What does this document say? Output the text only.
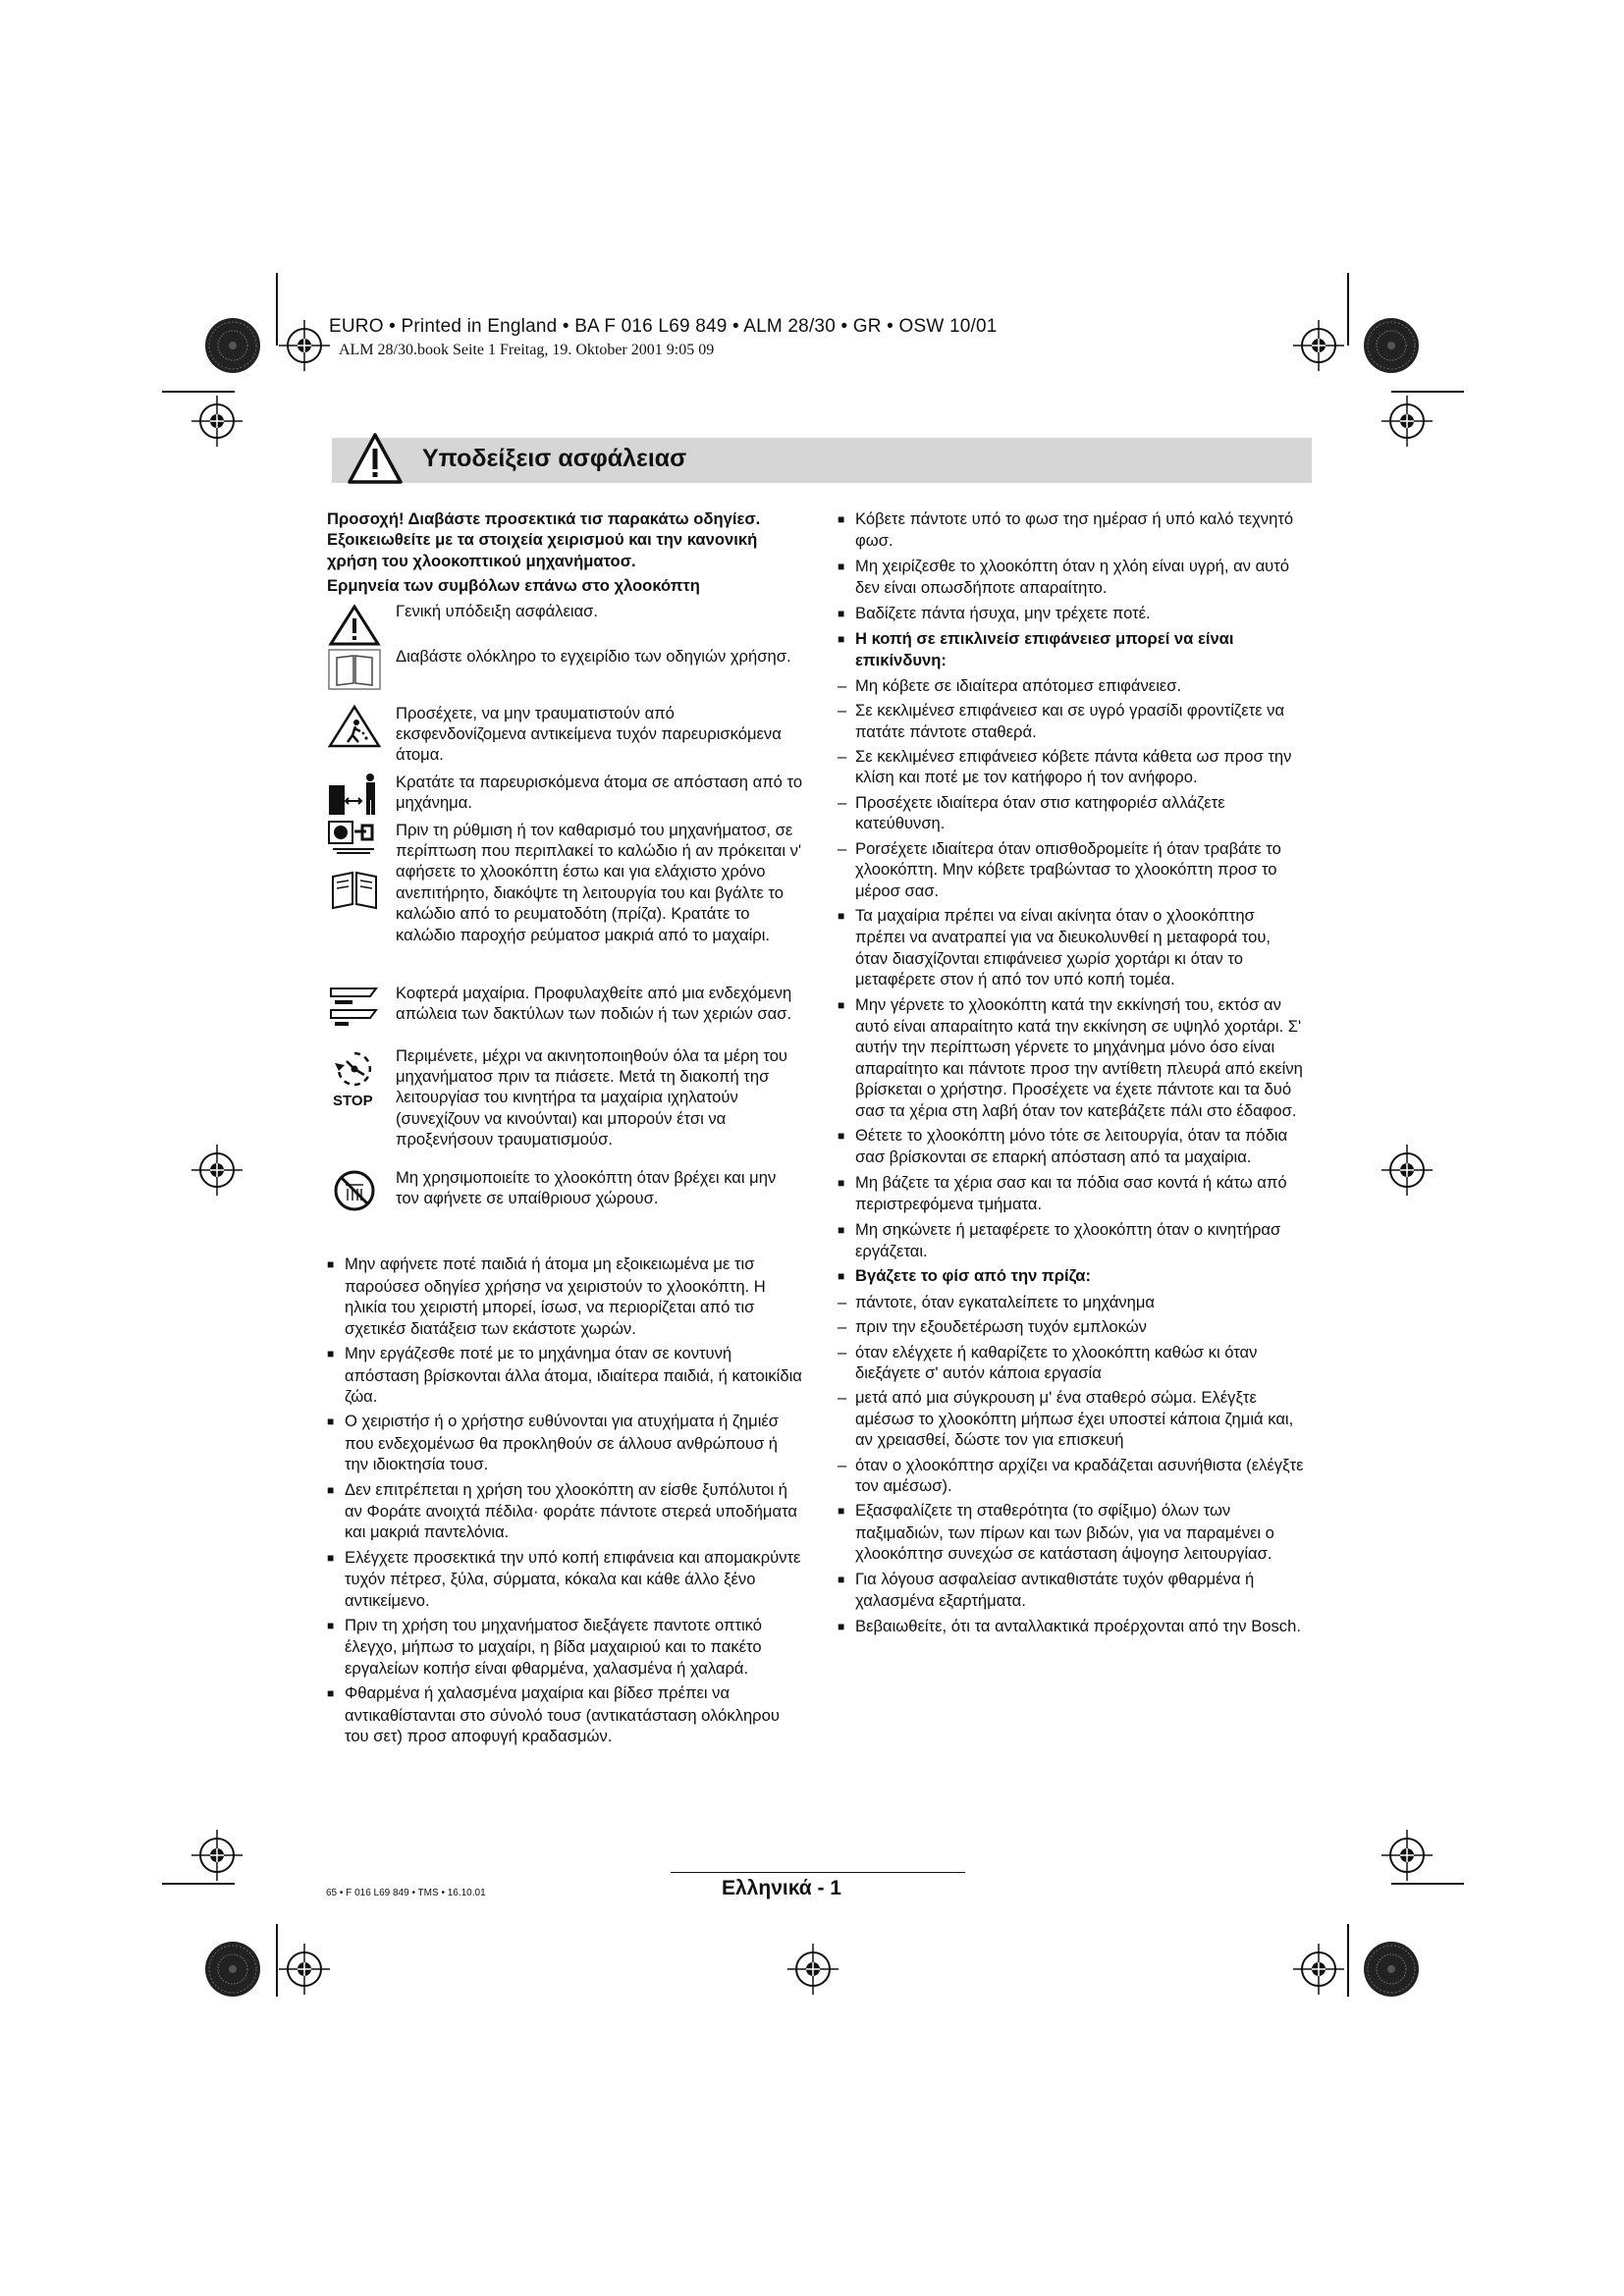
EURO • Printed in England • BA F 016 L69 849 • ALM 28/30 • GR • OSW 10/01
ALM 28/30.book Seite 1 Freitag, 19. Oktober 2001 9:05 09
Υποδείξεισ ασφάλειασ

Προσοχή! Διαβάστε προσεκτικά τισ παρακάτω οδηγίεσ. Εξοικειωθείτε με τα στοιχεία χειρισμού και την κανονική χρήση του χλοοκοπτικού μηχανήματοσ.

Ερμηνεία των συμβόλων επάνω στο χλοοκόπτη

Γενική υπόδειξη ασφάλειασ.
Διαβάστε ολόκληρο το εγχειρίδιο των οδηγιών χρήσησ.
Προσέχετε, να μην τραυματιστούν από εκσφενδονίζομενα αντικείμενα τυχόν παρευρισκόμενα άτομα.
Κρατάτε τα παρευρισκόμενα άτομα σε απόσταση από το μηχάνημα.
Πριν τη ρύθμιση ή τον καθαρισμό του μηχανήματοσ, σε περίπτωση που περιπλακεί το καλώδιο ή αν πρόκειται ν' αφήσετε το χλοοκόπτη έστω και για ελάχιστο χρόνο ανεπιτήρητο, διακόψτε τη λειτουργία του και βγάλτε το καλώδιο από το ρευματοδότη (πρίζα). Κρατάτε το καλώδιο παροχήσ ρεύματοσ μακριά από το μαχαίρι.
Κοφτερά μαχαίρια. Προφυλαχθείτε από μια ενδεχόμενη απώλεια των δακτύλων των ποδιών ή των χεριών σασ.
STOP
Περιμένετε, μέχρι να ακινητοποιηθούν όλα τα μέρη του μηχανήματοσ πριν τα πιάσετε. Μετά τη διακοπή τησ λειτουργίασ του κινητήρα τα μαχαίρια ιχηλατούν (συνεχίζουν να κινούνται) και μπορούν έτσι να προξενήσουν τραυματισμούσ.
Μη χρησιμοποιείτε το χλοοκόπτη όταν βρέχει και μην τον αφήνετε σε υπαίθριουσ χώρουσ.

■ Μην αφήνετε ποτέ παιδιά ή άτομα μη εξοικειωμένα με τισ παρούσεσ οδηγίεσ χρήσησ να χειριστούν το χλοοκόπτη. Η ηλικία του χειριστή μπορεί, ίσωσ, να περιορίζεται από τισ σχετικέσ διατάξεισ των εκάστοτε χωρών.

■ Μην εργάζεσθε ποτέ με το μηχάνημα όταν σε κοντυνή απόσταση βρίσκονται άλλα άτομα, ιδιαίτερα παιδιά, ή κατοικίδια ζώα.

■ Ο χειριστήσ ή ο χρήστησ ευθύνονται για ατυχήματα ή ζημιέσ που ενδεχομένωσ θα προκληθούν σε άλλουσ ανθρώπουσ ή την ιδιοκτησία τουσ.

■ Δεν επιτρέπεται η χρήση του χλοοκόπτη αν είσθε ξυπόλυτοι ή αν Φοράτε ανοιχτά πέδιλα· φοράτε πάντοτε στερεά υποδήματα και μακριά παντελόνια.

■ Ελέγχετε προσεκτικά την υπό κοπή επιφάνεια και απομακρύντε τυχόν πέτρεσ, ξύλα, σύρματα, κόκαλα και κάθε άλλο ξένο αντικείμενο.

■ Πριν τη χρήση του μηχανήματοσ διεξάγετε παντοτε οπτικό έλεγχο, μήπωσ το μαχαίρι, η βίδα μαχαιριού και το πακέτο εργαλείων κοπήσ είναι φθαρμένα, χαλασμένα ή χαλαρά.

■ Φθαρμένα ή χαλασμένα μαχαίρια και βίδεσ πρέπει να αντικαθίστανται στο σύνολό τουσ (αντικατάσταση ολόκληρου του σετ) προσ αποφυγή κραδασμών.

■ Κόβετε πάντοτε υπό το φωσ τησ ημέρασ ή υπό καλό τεχνητό φωσ.

■ Μη χειρίζεσθε το χλοοκόπτη όταν η χλόη είναι υγρή, αν αυτό δεν είναι οπωσδήποτε απαραίτητο.

■ Βαδίζετε πάντα ήσυχα, μην τρέχετε ποτέ.

■ Η κοπή σε επικλινείσ επιφάνειεσ μπορεί να είναι επικίνδυνη:

– Μη κόβετε σε ιδιαίτερα απότομεσ επιφάνειεσ.

– Σε κεκλιμένεσ επιφάνειεσ και σε υγρό γρασίδι φροντίζετε να πατάτε πάντοτε σταθερά.

– Σε κεκλιμένεσ επιφάνειεσ κόβετε πάντα κάθετα ωσ προσ την κλίση και ποτέ με τον κατήφορο ή τον ανήφορο.

– Προσέχετε ιδιαίτερα όταν στισ κατηφοριέσ αλλάζετε κατεύθυνση.

– Porσέχετε ιδιαίτερα όταν οπισθοδρομείτε ή όταν τραβάτε το χλοοκόπτη. Μην κόβετε τραβώντασ το χλοοκόπτη προσ το μέροσ σασ.

■ Τα μαχαίρια πρέπει να είναι ακίνητα όταν ο χλοοκόπτησ πρέπει να ανατραπεί για να διευκολυνθεί η μεταφορά του, όταν διασχίζονται επιφάνειεσ χωρίσ χορτάρι κι όταν το μεταφέρετε στον ή από τον υπό κοπή τομέα.

■ Μην γέρνετε το χλοοκόπτη κατά την εκκίνησή του, εκτόσ αν αυτό είναι απαραίτητο κατά την εκκίνηση σε υψηλό χορτάρι. Σ' αυτήν την περίπτωση γέρνετε το μηχάνημα μόνο όσο είναι απαραίτητο και πάντοτε προσ την αντίθετη πλευρά από εκείνη βρίσκεται ο χρήστησ. Προσέχετε να έχετε πάντοτε και τα δυό σασ τα χέρια στη λαβή όταν τον κατεβάζετε πάλι στο έδαφοσ.

■ Θέτετε το χλοοκόπτη μόνο τότε σε λειτουργία, όταν τα πόδια σασ βρίσκονται σε επαρκή απόσταση από τα μαχαίρια.

■ Μη βάζετε τα χέρια σασ και τα πόδια σασ κοντά ή κάτω από περιστρεφόμενα τμήματα.

■ Μη σηκώνετε ή μεταφέρετε το χλοοκόπτη όταν ο κινητήρασ εργάζεται.

■ Βγάζετε το φίσ από την πρίζα:

– πάντοτε, όταν εγκαταλείπετε το μηχάνημα

– πριν την εξουδετέρωση τυχόν εμπλοκών

– όταν ελέγχετε ή καθαρίζετε το χλοοκόπτη καθώσ κι όταν διεξάγετε σ' αυτόν κάποια εργασία

– μετά από μια σύγκρουση μ' ένα σταθερό σώμα. Ελέγξτε αμέσωσ το χλοοκόπτη μήπωσ έχει υποστεί κάποια ζημιά και, αν χρειασθεί, δώστε τον για επισκευή

– όταν ο χλοοκόπτησ αρχίζει να κραδάζεται ασυνήθιστα (ελέγξτε τον αμέσωσ).

■ Εξασφαλίζετε τη σταθερότητα (το σφίξιμο) όλων των παξιμαδιών, των πίρων και των βιδών, για να παραμένει ο χλοοκόπτησ συνεχώσ σε κατάσταση άψογησ λειτουργίασ.

■ Για λόγουσ ασφαλείασ αντικαθιστάτε τυχόν φθαρμένα ή χαλασμένα εξαρτήματα.

■ Βεβαιωθείτε, ότι τα ανταλλακτικά προέρχονται από την Bosch.

65 • F 016 L69 849 • TMS • 16.10.01	Ελληνικά - 1
